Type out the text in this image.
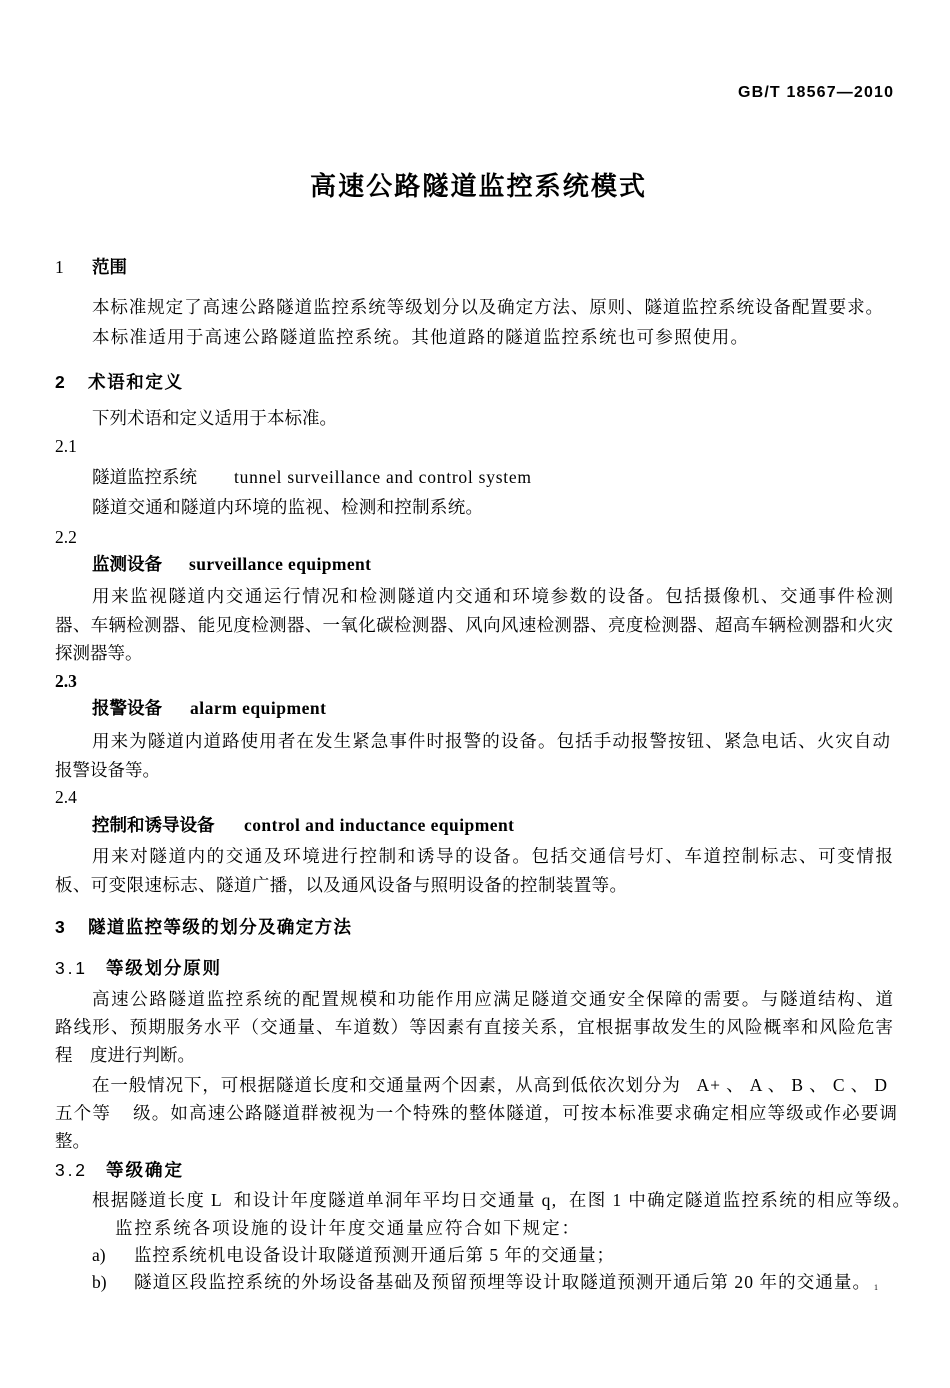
GB/T 18567—2010
高速公路隧道监控系统模式
1 范围

本标准规定了高速公路隧道监控系统等级划分以及确定方法、原则、隧道监控系统设备配置要求。

本标准适用于高速公路隧道监控系统。其他道路的隧道监控系统也可参照使用。

2 术语和定义

下列术语和定义适用于本标准。

2.1
隧道监控系统 tunnel surveillance and control system

隧道交通和隧道内环境的监视、检测和控制系统。

2.2
监测设备 surveillance equipment

用来监视隧道内交通运行情况和检测隧道内交通和环境参数的设备。包括摄像机、交通事件检测

器、车辆检测器、能见度检测器、一氧化碳检测器、风向风速检测器、亮度检测器、超高车辆检测器和火灾

探测器等。

2.3
报警设备 alarm equipment

用来为隧道内道路使用者在发生紧急事件时报警的设备。包括手动报警按钮、紧急电话、火灾自动

报警设备等。

2.4
控制和诱导设备 control and inductance equipment

用来对隧道内的交通及环境进行控制和诱导的设备。包括交通信号灯、车道控制标志、可变情报

板、可变限速标志、隧道广播，以及通风设备与照明设备的控制装置等。

3 隧道监控等级的划分及确定方法
3.1 等级划分原则

高速公路隧道监控系统的配置规模和功能作用应满足隧道交通安全保障的需要。与隧道结构、道

路线形、预期服务水平（交通量、车道数）等因素有直接关系，宜根据事故发生的风险概率和风险危害

程    度进行判断。

在一般情况下，可根据隧道长度和交通量两个因素，从高到低依次划分为   A+ 、 A 、 B 、 C 、 D

五个等    级。如高速公路隧道群被视为一个特殊的整体隧道，可按本标准要求确定相应等级或作必要调

整。

3.2 等级确定

根据隧道长度 L  和设计年度隧道单洞年平均日交通量 q,  在图 1 中确定隧道监控系统的相应等级。

监控系统各项设施的设计年度交通量应符合如下规定：

a) 监控系统机电设备设计取隧道预测开通后第 5 年的交通量；
b) 隧道区段监控系统的外场设备基础及预留预埋等设计取隧道预测开通后第 20 年的交通量。 1
